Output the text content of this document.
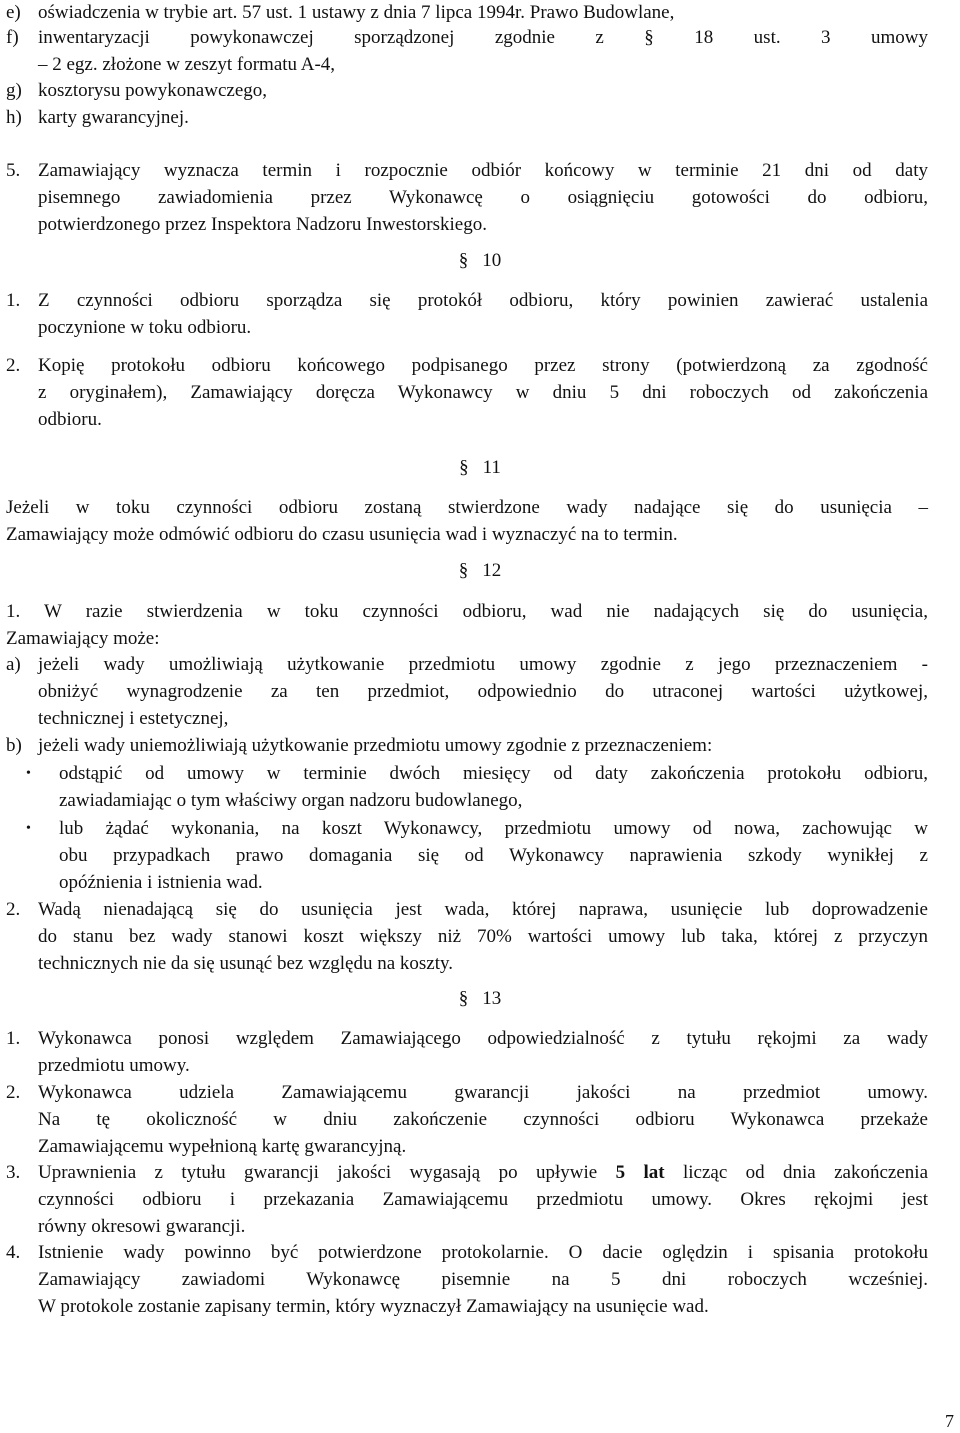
e) oświadczenia w trybie art. 57 ust. 1 ustawy z dnia 7 lipca 1994r. Prawo Budowlane,
f) inwentaryzacji powykonawczej sporządzonej zgodnie z § 18 ust. 3 umowy
– 2 egz. złożone w zeszyt formatu A-4,
g) kosztorysu powykonawczego,
h) karty gwarancyjnej.
5. Zamawiający wyznacza termin i rozpocznie odbiór końcowy w terminie 21 dni od daty
pisemnego zawiadomienia przez Wykonawcę o osiągnięciu gotowości do odbioru,
potwierdzonego przez Inspektora Nadzoru Inwestorskiego.
§ 10
1. Z czynności odbioru sporządza się protokół odbioru, który powinien zawierać ustalenia
poczynione w toku odbioru.
2. Kopię protokołu odbioru końcowego podpisanego przez strony (potwierdzoną za zgodność
z oryginałem), Zamawiający doręcza Wykonawcy w dniu 5 dni roboczych od zakończenia
odbioru.
§ 11
Jeżeli w toku czynności odbioru zostaną stwierdzone wady nadające się do usunięcia –
Zamawiający może odmówić odbioru do czasu usunięcia wad i wyznaczyć na to termin.
§ 12
1. W razie stwierdzenia w toku czynności odbioru, wad nie nadających się do usunięcia,
Zamawiający może:
a) jeżeli wady umożliwiają użytkowanie przedmiotu umowy zgodnie z jego przeznaczeniem -
obniżyć wynagrodzenie za ten przedmiot, odpowiednio do utraconej wartości użytkowej,
technicznej i estetycznej,
b) jeżeli wady uniemożliwiają użytkowanie przedmiotu umowy zgodnie z przeznaczeniem:
• odstąpić od umowy w terminie dwóch miesięcy od daty zakończenia protokołu odbioru,
zawiadamiając o tym właściwy organ nadzoru budowlanego,
• lub żądać wykonania, na koszt Wykonawcy, przedmiotu umowy od nowa, zachowując w
obu przypadkach prawo domagania się od Wykonawcy naprawienia szkody wynikłej z
opóźnienia i istnienia wad.
2. Wadą nienadającą się do usunięcia jest wada, której naprawa, usunięcie lub doprowadzenie
do stanu bez wady stanowi koszt większy niż 70% wartości umowy lub taka, której z przyczyn
technicznych nie da się usunąć bez względu na koszty.
§ 13
1. Wykonawca ponosi względem Zamawiającego odpowiedzialność z tytułu rękojmi za wady
przedmiotu umowy.
2. Wykonawca udziela Zamawiającemu gwarancji jakości na przedmiot umowy.
Na tę okoliczność w dniu zakończenie czynności odbioru Wykonawca przekaże
Zamawiającemu wypełnioną kartę gwarancyjną.
3. Uprawnienia z tytułu gwarancji jakości wygasają po upływie 5 lat licząc od dnia zakończenia
czynności odbioru i przekazania Zamawiającemu przedmiotu umowy. Okres rękojmi jest
równy okresowi gwarancji.
4. Istnienie wady powinno być potwierdzone protokolarnie. O dacie oględzin i spisania protokołu
Zamawiający zawiadomi Wykonawcę pisemnie na 5 dni roboczych wcześniej.
W protokole zostanie zapisany termin, który wyznaczył Zamawiający na usunięcie wad.
7
